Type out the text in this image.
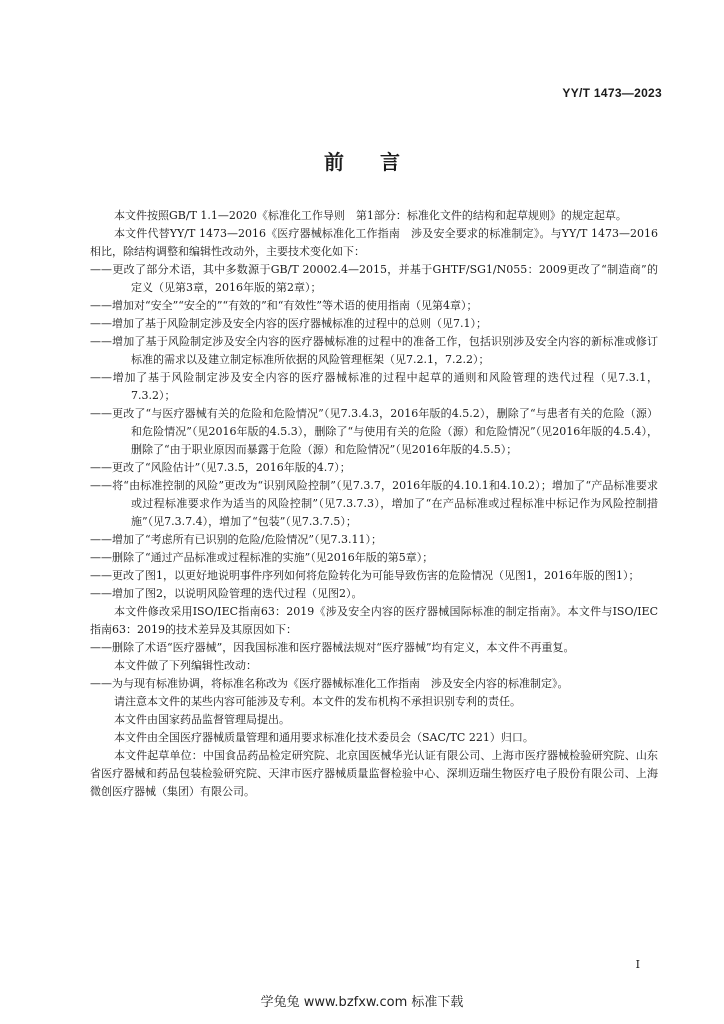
YY/T 1473—2023
前言

本文件按照GB/T 1.1—2020《标准化工作导则　第1部分：标准化文件的结构和起草规则》的规定起草。

本文件代替YY/T 1473—2016《医疗器械标准化工作指南　涉及安全要求的标准制定》。与YY/T 1473—2016相比，除结构调整和编辑性改动外，主要技术变化如下：

——更改了部分术语，其中多数源于GB/T 20002.4—2015，并基于GHTF/SG1/N055：2009更改了“制造商”的定义（见第3章，2016年版的第2章）；

——增加对“安全”“安全的”“有效的”和“有效性”等术语的使用指南（见第4章）；

——增加了基于风险制定涉及安全内容的医疗器械标准的过程中的总则（见7.1）；

——增加了基于风险制定涉及安全内容的医疗器械标准的过程中的准备工作，包括识别涉及安全内容的新标准或修订标准的需求以及建立制定标准所依据的风险管理框架（见7.2.1，7.2.2）；

——增加了基于风险制定涉及安全内容的医疗器械标准的过程中起草的通则和风险管理的迭代过程（见7.3.1，7.3.2）；

——更改了“与医疗器械有关的危险和危险情况”（见7.3.4.3，2016年版的4.5.2），删除了“与患者有关的危险（源）和危险情况”（见2016年版的4.5.3），删除了“与使用有关的危险（源）和危险情况”（见2016年版的4.5.4），删除了“由于职业原因而暴露于危险（源）和危险情况”（见2016年版的4.5.5）；

——更改了“风险估计”（见7.3.5，2016年版的4.7）；

——将“由标准控制的风险”更改为“识别风险控制”（见7.3.7，2016年版的4.10.1和4.10.2）；增加了“产品标准要求或过程标准要求作为适当的风险控制”（见7.3.7.3），增加了“在产品标准或过程标准中标记作为风险控制措施”（见7.3.7.4），增加了“包装”（见7.3.7.5）；

——增加了“考虑所有已识别的危险/危险情况”（见7.3.11）；

——删除了“通过产品标准或过程标准的实施”（见2016年版的第5章）；

——更改了图1，以更好地说明事件序列如何将危险转化为可能导致伤害的危险情况（见图1，2016年版的图1）；

——增加了图2，以说明风险管理的迭代过程（见图2）。

本文件修改采用ISO/IEC指南63：2019《涉及安全内容的医疗器械国际标准的制定指南》。本文件与ISO/IEC指南63：2019的技术差异及其原因如下：

——删除了术语“医疗器械”，因我国标准和医疗器械法规对“医疗器械”均有定义，本文件不再重复。

本文件做了下列编辑性改动：

——为与现有标准协调，将标准名称改为《医疗器械标准化工作指南　涉及安全内容的标准制定》。

请注意本文件的某些内容可能涉及专利。本文件的发布机构不承担识别专利的责任。

本文件由国家药品监督管理局提出。

本文件由全国医疗器械质量管理和通用要求标准化技术委员会（SAC/TC 221）归口。

本文件起草单位：中国食品药品检定研究院、北京国医械华光认证有限公司、上海市医疗器械检验研究院、山东省医疗器械和药品包装检验研究院、天津市医疗器械质量监督检验中心、深圳迈瑞生物医疗电子股份有限公司、上海微创医疗器械（集团）有限公司。

I
学兔兔 www.bzfxw.com 标准下载
